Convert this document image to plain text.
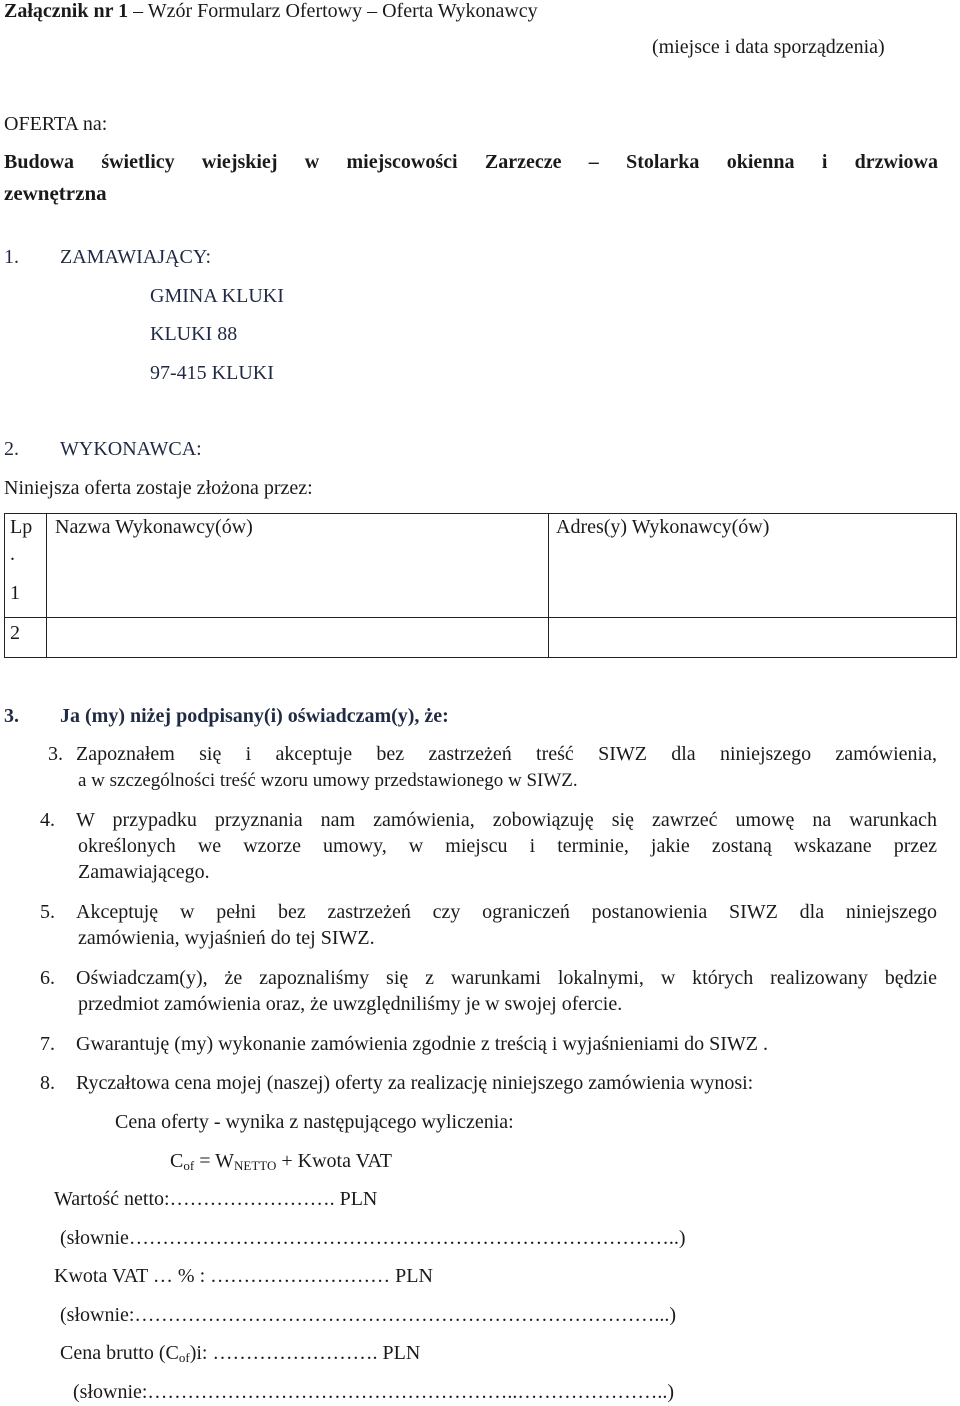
Załącznik nr 1 – Wzór Formularz Ofertowy – Oferta Wykonawcy
(miejsce i data sporządzenia)
OFERTA na:
Budowa świetlicy wiejskiej w miejscowości Zarzecze – Stolarka okienna i drzwiowa
zewnętrzna
1. ZAMAWIAJĄCY:
GMINA KLUKI
KLUKI 88
97-415 KLUKI
2. WYKONAWCA:
Niniejsza oferta zostaje złożona przez:
Lp
.
Nazwa Wykonawcy(ów)	Adres(y) Wykonawcy(ów)
1
2
3. Ja (my) niżej podpisany(i) oświadczam(y), że:
3. Zapoznałem się i akceptuje bez zastrzeżeń treść SIWZ dla niniejszego zamówienia,
a w szczególności treść wzoru umowy przedstawionego w SIWZ.
4. W przypadku przyznania nam zamówienia, zobowiązuję się zawrzeć umowę na warunkach
określonych we wzorze umowy, w miejscu i terminie, jakie zostaną wskazane przez
Zamawiającego.
5. Akceptuję w pełni bez zastrzeżeń czy ograniczeń postanowienia SIWZ dla niniejszego
zamówienia, wyjaśnień do tej SIWZ.
6. Oświadczam(y), że zapoznaliśmy się z warunkami lokalnymi, w których realizowany będzie
przedmiot zamówienia oraz, że uwzględniliśmy je w swojej ofercie.
7. Gwarantuję (my) wykonanie zamówienia zgodnie z treścią i wyjaśnieniami do SIWZ .
8. Ryczałtowa cena mojej (naszej) oferty za realizację niniejszego zamówienia wynosi:
Cena oferty - wynika z następującego wyliczenia:
$C_{of} = W_{NETTO}$ + Kwota VAT
Wartość netto:……………………. PLN
(słownie………………………………………………………………………..)
Kwota VAT … % : ……………………… PLN
(słownie:……………………………………………………………………...)
Cena brutto $(C_{of})i$: ……………………. PLN
(słownie:………………………………………………..…………………..)
